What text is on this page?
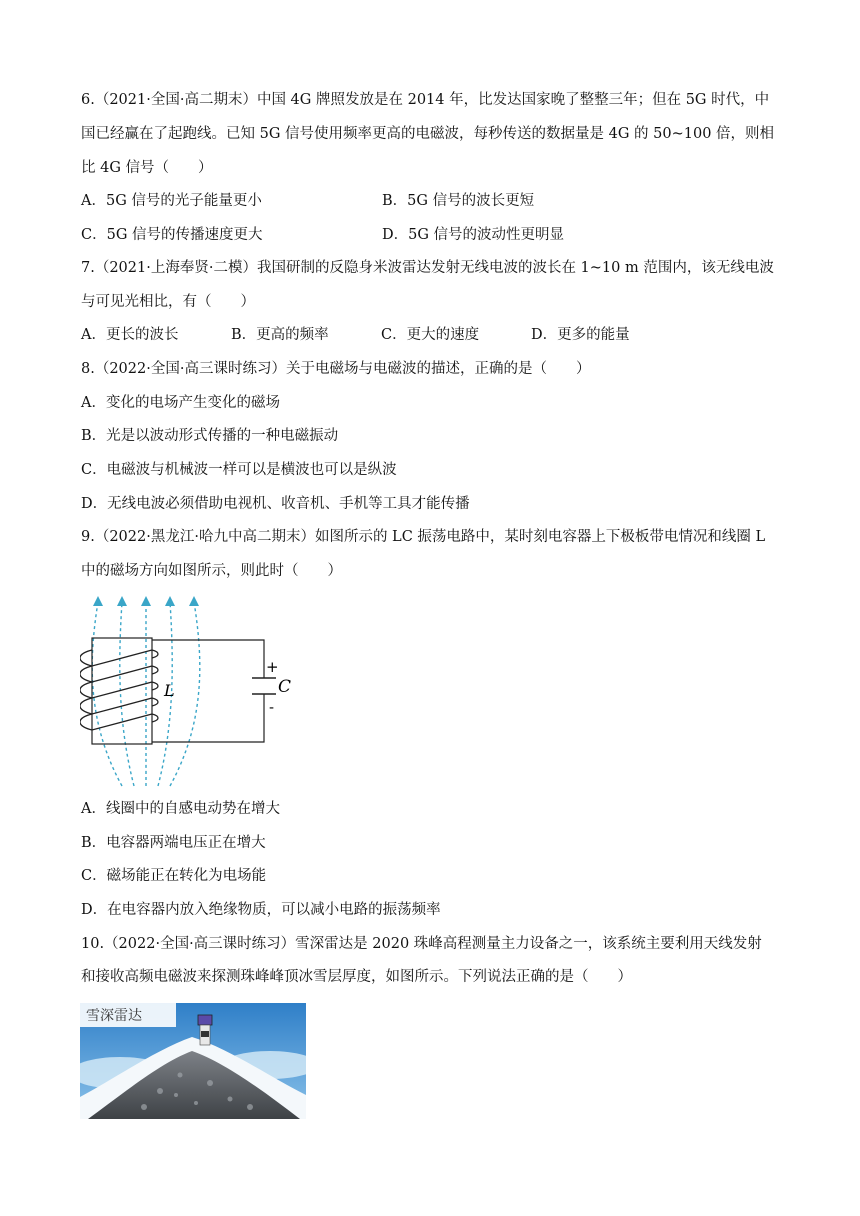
6.（2021·全国·高二期末）中国 4G 牌照发放是在 2014 年，比发达国家晚了整整三年；但在 5G 时代，中
国已经赢在了起跑线。已知 5G 信号使用频率更高的电磁波，每秒传送的数据量是 4G 的 50~100 倍，则相
比 4G 信号（　　）
A．5G 信号的光子能量更小	B．5G 信号的波长更短
C．5G 信号的传播速度更大	D．5G 信号的波动性更明显
7.（2021·上海奉贤·二模）我国研制的反隐身米波雷达发射无线电波的波长在 1~10 m 范围内，该无线电波
与可见光相比，有（　　）
A．更长的波长	B．更高的频率	C．更大的速度	D．更多的能量
8.（2022·全国·高三课时练习）关于电磁场与电磁波的描述，正确的是（　　）
A．变化的电场产生变化的磁场
B．光是以波动形式传播的一种电磁振动
C．电磁波与机械波一样可以是横波也可以是纵波
D．无线电波必须借助电视机、收音机、手机等工具才能传播
9.（2022·黑龙江·哈九中高二期末）如图所示的 LC 振荡电路中，某时刻电容器上下极板带电情况和线圈 L
中的磁场方向如图所示，则此时（　　）
+
-
C
L
A．线圈中的自感电动势在增大
B．电容器两端电压正在增大
C．磁场能正在转化为电场能
D．在电容器内放入绝缘物质，可以减小电路的振荡频率
10.（2022·全国·高三课时练习）雪深雷达是 2020 珠峰高程测量主力设备之一，该系统主要利用天线发射
和接收高频电磁波来探测珠峰峰顶冰雪层厚度，如图所示。下列说法正确的是（　　）
雪深雷达
